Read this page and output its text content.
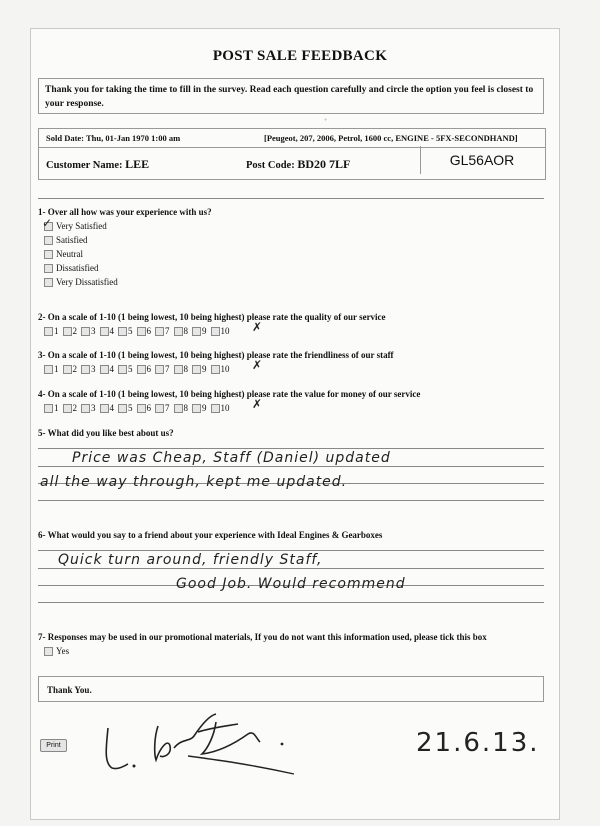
POST SALE FEEDBACK
Thank you for taking the time to fill in the survey. Read each question carefully and circle the option you feel is closest to your response.
+
Sold Date: Thu, 01-Jan 1970 1:00 am	[Peugeot, 207, 2006, Petrol, 1600 cc, ENGINE - 5FX-SECONDHAND]
Customer Name: LEE	Post Code: BD20 7LF	GL56AOR
1- Over all how was your experience with us?
Very Satisfied
Satisfied
Neutral
Dissatisfied
Very Dissatisfied
✓
2- On a scale of 1-10 (1 being lowest, 10 being highest) please rate the quality of our service
1 2 3 4 5 6 7 8 9 10 ✗
3- On a scale of 1-10 (1 being lowest, 10 being highest) please rate the friendliness of our staff
1 2 3 4 5 6 7 8 9 10 ✗
4- On a scale of 1-10 (1 being lowest, 10 being highest) please rate the value for money of our service
1 2 3 4 5 6 7 8 9 10 ✗
5- What did you like best about us?
Price was Cheap, Staff (Daniel) updated
all the way through, kept me updated.
6- What would you say to a friend about your experience with Ideal Engines & Gearboxes
Quick turn around, friendly Staff,
Good Job. Would recommend
7- Responses may be used in our promotional materials, If you do not want this information used, please tick this box
Yes
Thank You.
Print	21.6.13.
